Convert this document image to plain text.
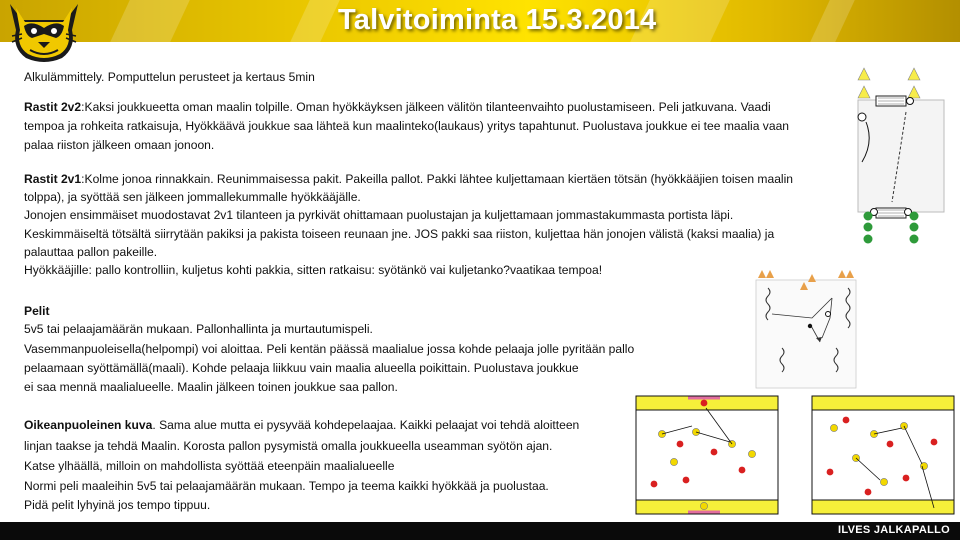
Talvitoiminta 15.3.2014
Alkulämmittely. Pomputtelun perusteet ja kertaus 5min
Rastit 2v2:Kaksi joukkueetta oman maalin tolpille. Oman hyökkäyksen jälkeen välitön tilanteenvaihto puolustamiseen. Peli jatkuvana. Vaadi
tempoa ja rohkeita ratkaisuja, Hyökkäävä joukkue saa lähteä kun maalinteko(laukaus) yritys tapahtunut. Puolustava joukkue ei tee maalia vaan
palaa riiston jälkeen omaan jonoon.
Rastit 2v1:Kolme jonoa rinnakkain. Reunimmaisessa pakit. Pakeilla pallot. Pakki lähtee kuljettamaan kiertäen tötsän (hyökkääjien toisen maalin
tolppa), ja syöttää sen jälkeen jommallekummalle hyökkääjälle.
Jonojen ensimmäiset muodostavat 2v1 tilanteen ja pyrkivät ohittamaan puolustajan ja kuljettamaan jommastakummasta portista läpi.
Keskimmäiseltä tötsältä siirrytään pakiksi ja pakista toiseen reunaan jne. JOS pakki saa riiston, kuljettaa hän jonojen välistä (kaksi maalia) ja
palauttaa pallon pakeille.
Hyökkääjille: pallo kontrolliin, kuljetus kohti pakkia, sitten ratkaisu: syötänkö vai kuljetanko?vaatikaa tempoa!
Pelit
5v5 tai pelaajamäärän mukaan. Pallonhallinta ja murtautumispeli.
Vasemmanpuoleisella(helpompi) voi aloittaa. Peli kentän päässä maalialue jossa kohde pelaaja jolle pyritään pallo
pelaamaan syöttämällä(maali). Kohde pelaaja liikkuu vain maalia alueella poikittain. Puolustava joukkue
ei saa mennä maalialueelle. Maalin jälkeen toinen joukkue saa pallon.
Oikeanpuoleinen kuva. Sama alue mutta ei pysyvää kohdepelaajaa. Kaikki pelaajat voi tehdä aloitteen
linjan taakse ja tehdä Maalin. Korosta pallon pysymistä omalla joukkueella useamman syötön ajan.
Katse ylhäällä, milloin on mahdollista syöttää eteenpäin maalialueelle
Normi peli maaleihin 5v5 tai pelaajamäärän mukaan. Tempo ja teema kaikki hyökkää ja puolustaa.
Pidä pelit lyhyinä jos tempo tippuu.
ILVES JALKAPALLO
